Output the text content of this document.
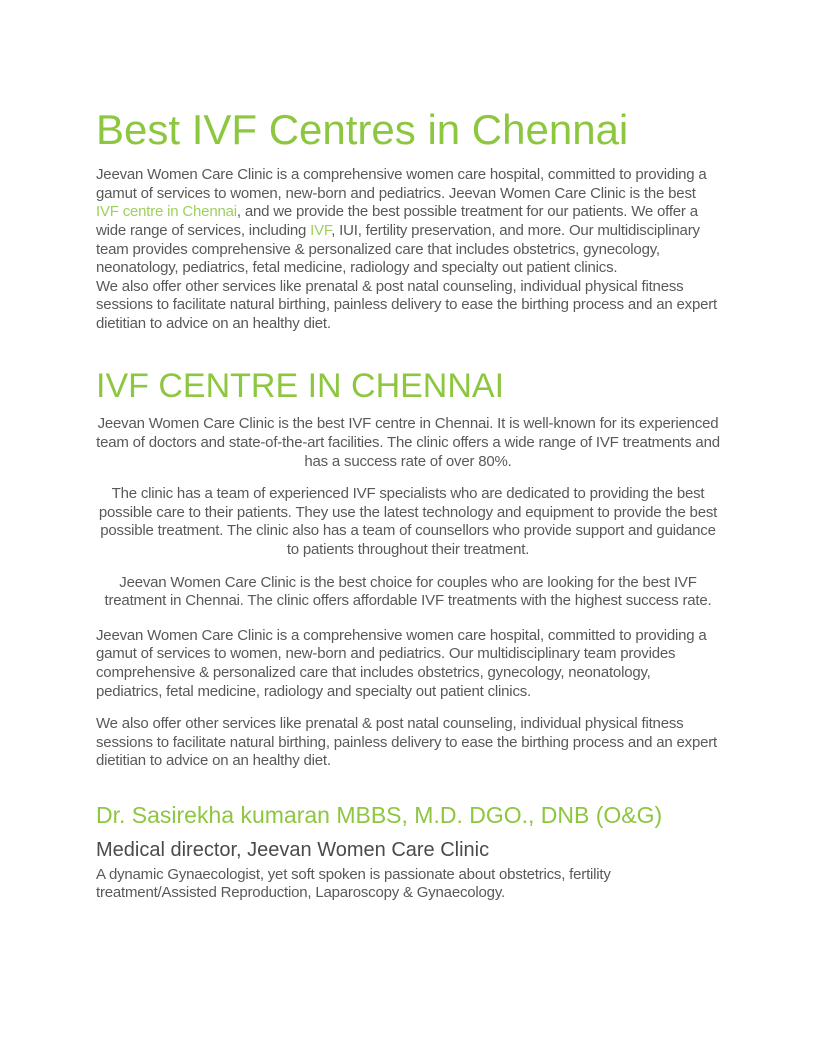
Best IVF Centres in Chennai

Jeevan Women Care Clinic is a comprehensive women care hospital, committed to providing a gamut of services to women, new-born and pediatrics. Jeevan Women Care Clinic is the best IVF centre in Chennai, and we provide the best possible treatment for our patients. We offer a wide range of services, including IVF, IUI, fertility preservation, and more. Our multidisciplinary team provides comprehensive & personalized care that includes obstetrics, gynecology, neonatology, pediatrics, fetal medicine, radiology and specialty out patient clinics.
We also offer other services like prenatal & post natal counseling, individual physical fitness sessions to facilitate natural birthing, painless delivery to ease the birthing process and an expert dietitian to advice on an healthy diet.

IVF CENTRE IN CHENNAI

Jeevan Women Care Clinic is the best IVF centre in Chennai. It is well-known for its experienced team of doctors and state-of-the-art facilities. The clinic offers a wide range of IVF treatments and has a success rate of over 80%.

The clinic has a team of experienced IVF specialists who are dedicated to providing the best possible care to their patients. They use the latest technology and equipment to provide the best possible treatment. The clinic also has a team of counsellors who provide support and guidance to patients throughout their treatment.

Jeevan Women Care Clinic is the best choice for couples who are looking for the best IVF treatment in Chennai. The clinic offers affordable IVF treatments with the highest success rate.

Jeevan Women Care Clinic is a comprehensive women care hospital, committed to providing a gamut of services to women, new-born and pediatrics. Our multidisciplinary team provides comprehensive & personalized care that includes obstetrics, gynecology, neonatology, pediatrics, fetal medicine, radiology and specialty out patient clinics.

We also offer other services like prenatal & post natal counseling, individual physical fitness sessions to facilitate natural birthing, painless delivery to ease the birthing process and an expert dietitian to advice on an healthy diet.

Dr. Sasirekha kumaran MBBS, M.D. DGO., DNB (O&G)
Medical director, Jeevan Women Care Clinic

A dynamic Gynaecologist, yet soft spoken is passionate about obstetrics, fertility treatment/Assisted Reproduction, Laparoscopy & Gynaecology.
